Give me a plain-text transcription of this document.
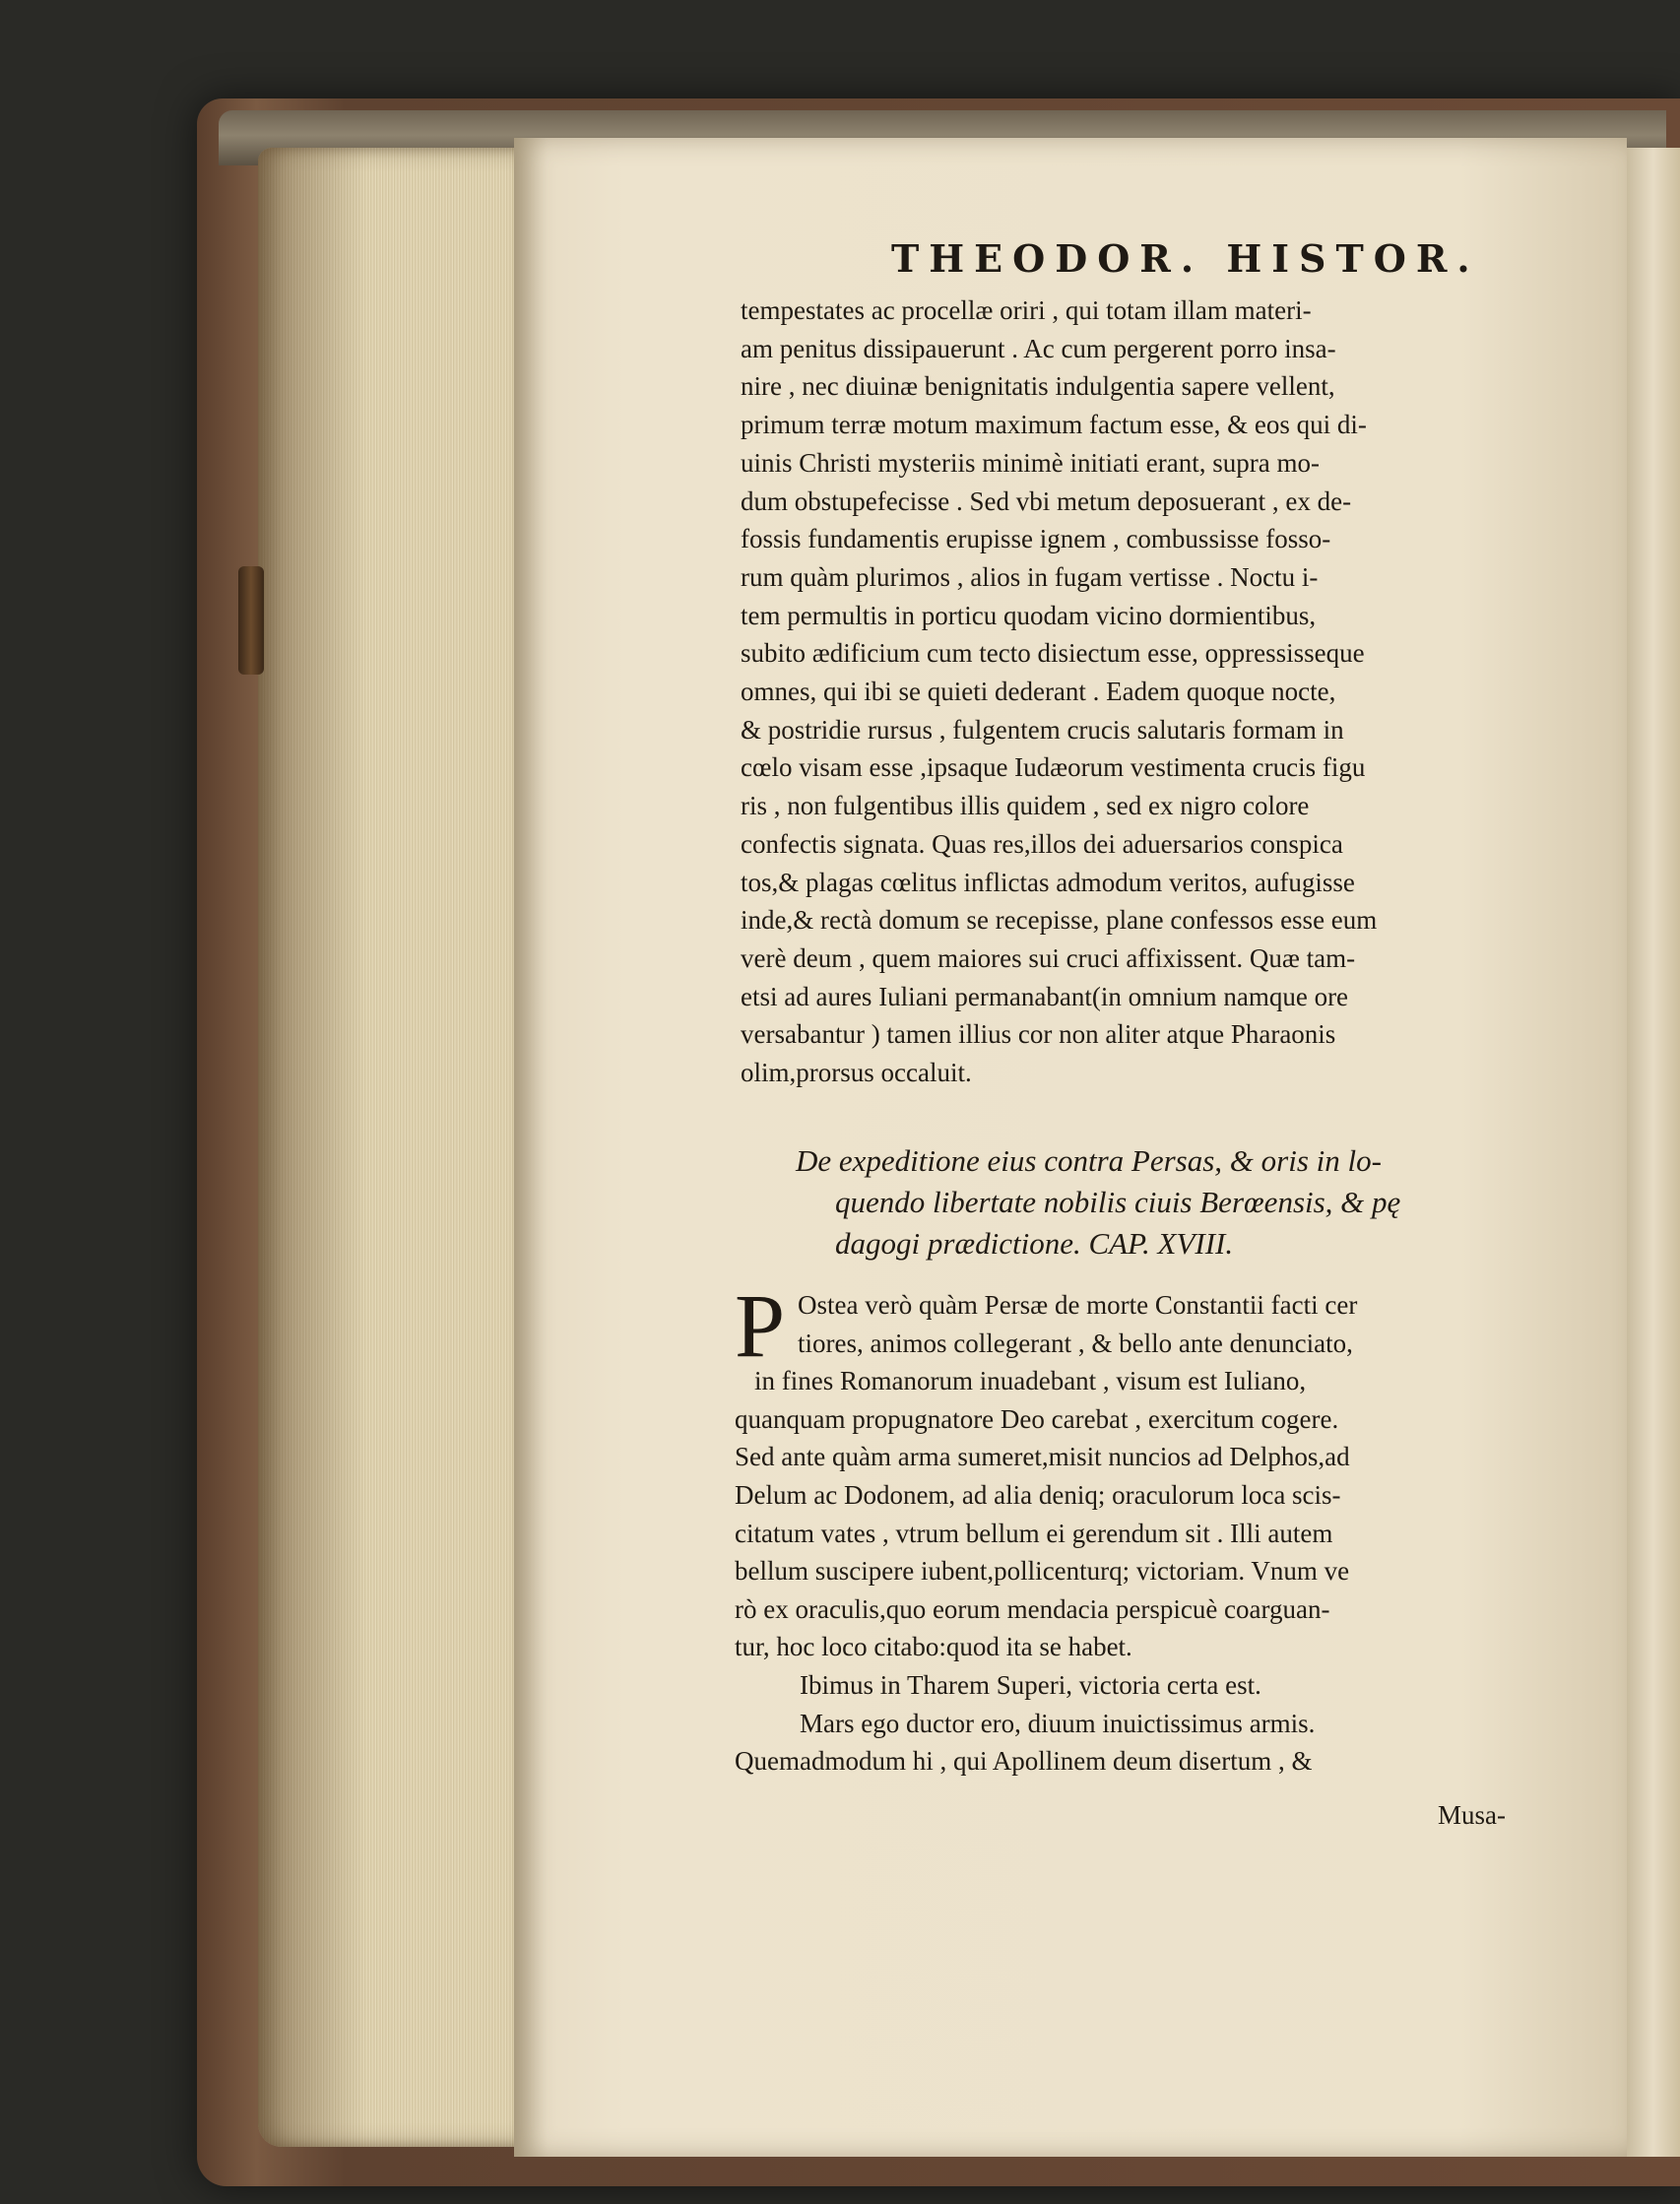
THEODOR. HISTOR.
tempestates ac procellæ oriri , qui totam illam materi-
am penitus dissipauerunt . Ac cum pergerent porro insa-
nire , nec diuinæ benignitatis indulgentia sapere vellent,
primum terræ motum maximum factum esse, & eos qui di-
uinis Christi mysteriis minimè initiati erant, supra mo-
dum obstupefecisse . Sed vbi metum deposuerant , ex de-
fossis fundamentis erupisse ignem , combussisse fosso-
rum quàm plurimos , alios in fugam vertisse . Noctu i-
tem permultis in porticu quodam vicino dormientibus,
subito ædificium cum tecto disiectum esse, oppressisseque
omnes, qui ibi se quieti dederant . Eadem quoque nocte,
& postridie rursus , fulgentem crucis salutaris formam in
cœlo visam esse ,ipsaque Iudæorum vestimenta crucis figu
ris , non fulgentibus illis quidem , sed ex nigro colore
confectis signata. Quas res,illos dei aduersarios conspica
tos,& plagas cœlitus inflictas admodum veritos, aufugisse
inde,& rectà domum se recepisse, plane confessos esse eum
verè deum , quem maiores sui cruci affixissent. Quæ tam-
etsi ad aures Iuliani permanabant(in omnium namque ore
versabantur ) tamen illius cor non aliter atque Pharaonis
olim,prorsus occaluit.
De expeditione eius contra Persas, & oris in lo-
quendo libertate nobilis ciuis Berœensis, & pę
dagogi prædictione. CAP. XVIII.
P Ostea verò quàm Persæ de morte Constantii facti cer
tiores, animos collegerant , & bello ante denunciato,
in fines Romanorum inuadebant , visum est Iuliano,
quanquam propugnatore Deo carebat , exercitum cogere.
Sed ante quàm arma sumeret,misit nuncios ad Delphos,ad
Delum ac Dodonem, ad alia deniq; oraculorum loca scis-
citatum vates , vtrum bellum ei gerendum sit . Illi autem
bellum suscipere iubent,pollicenturq; victoriam. Vnum ve
rò ex oraculis,quo eorum mendacia perspicuè coarguan-
tur, hoc loco citabo:quod ita se habet.
Ibimus in Tharem Superi, victoria certa est.
Mars ego ductor ero, diuum inuictissimus armis.
Quemadmodum hi , qui Apollinem deum disertum , &
Musa-
